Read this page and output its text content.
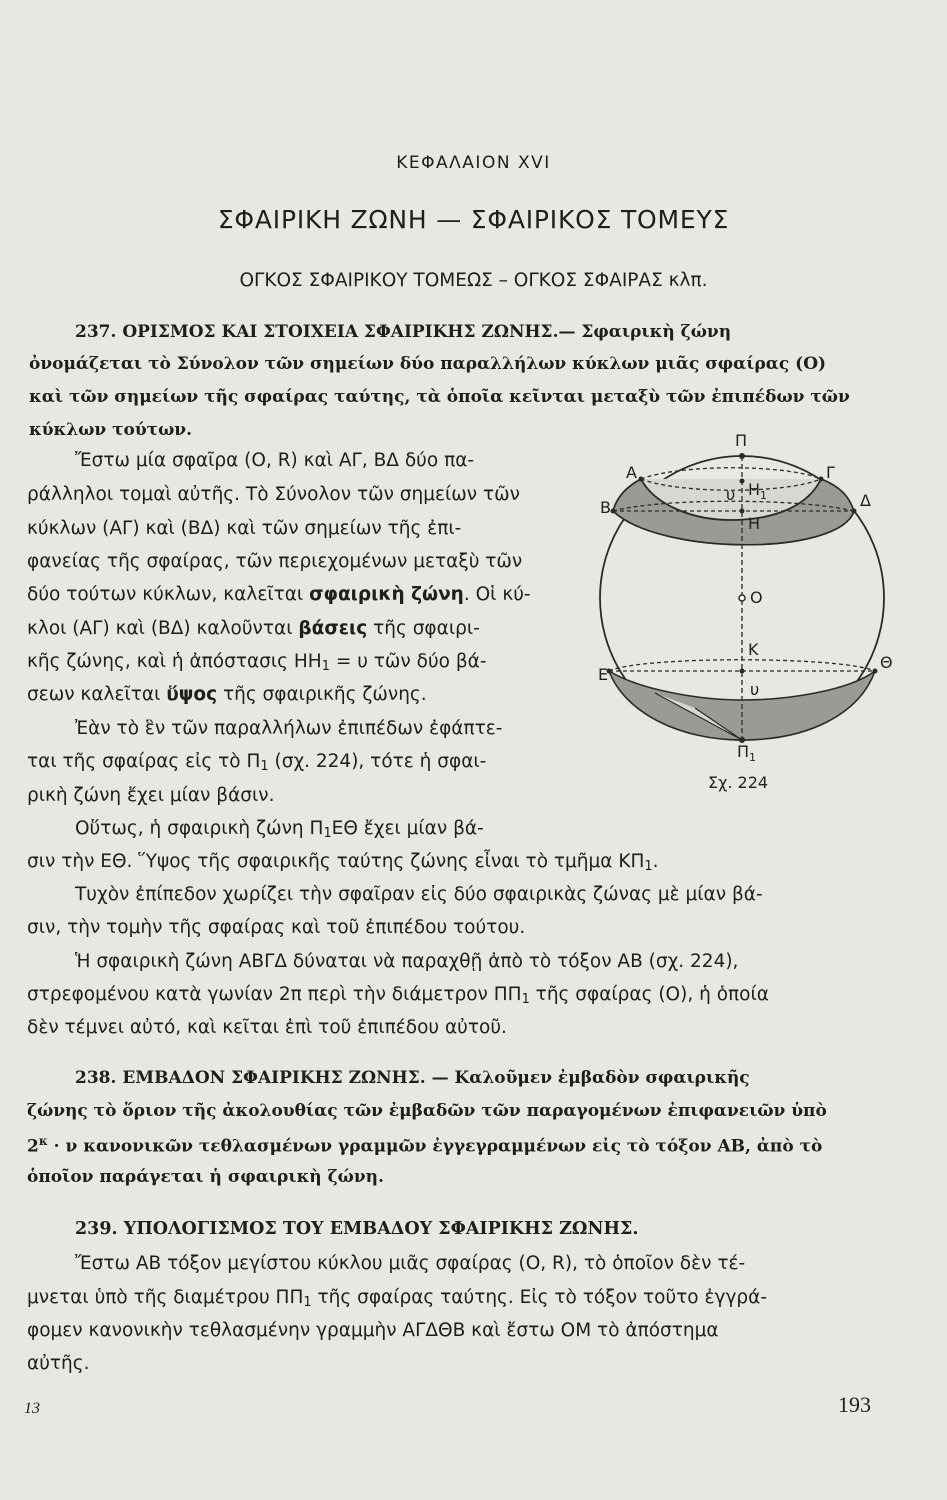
ΚΕΦΑΛΑΙΟΝ XVI
ΣΦΑΙΡΙΚΗ ΖΩΝΗ — ΣΦΑΙΡΙΚΟΣ ΤΟΜΕΥΣ
ΟΓΚΟΣ ΣΦΑΙΡΙΚΟΥ ΤΟΜΕΩΣ – ΟΓΚΟΣ ΣΦΑΙΡΑΣ κλπ.
237. ΟΡΙΣΜΟΣ ΚΑΙ ΣΤΟΙΧΕΙΑ ΣΦΑΙΡΙΚΗΣ ΖΩΝΗΣ.— Σφαιρικὴ ζώνη
ὀνομάζεται τὸ Σύνολον τῶν σημείων δύο παραλλήλων κύκλων μιᾶς σφαίρας (Ο)
καὶ τῶν σημείων τῆς σφαίρας ταύτης, τὰ ὁποῖα κεῖνται μεταξὺ τῶν ἐπιπέδων τῶν
κύκλων τούτων.
Ἔστω μία σφαῖρα (O, R) καὶ ΑΓ, ΒΔ δύο πα-
ράλληλοι τομαὶ αὐτῆς. Τὸ Σύνολον τῶν σημείων τῶν
κύκλων (ΑΓ) καὶ (ΒΔ) καὶ τῶν σημείων τῆς ἐπι-
φανείας τῆς σφαίρας, τῶν περιεχομένων μεταξὺ τῶν
δύο τούτων κύκλων, καλεῖται σφαιρικὴ ζώνη. Οἱ κύ-
κλοι (ΑΓ) καὶ (ΒΔ) καλοῦνται βάσεις τῆς σφαιρι-
κῆς ζώνης, καὶ ἡ ἀπόστασις $HH_1 = \upsilon$ τῶν δύο βά-
σεων καλεῖται ὕψος τῆς σφαιρικῆς ζώνης.
Ἐὰν τὸ ἓν τῶν παραλλήλων ἐπιπέδων ἐφάπτε-
ται τῆς σφαίρας εἰς τὸ $\Pi_1$ (σχ. 224), τότε ἡ σφαι-
ρικὴ ζώνη ἔχει μίαν βάσιν.
Οὕτως, ἡ σφαιρικὴ ζώνη $\Pi_1E\Theta$ ἔχει μίαν βά-
σιν τὴν ΕΘ. Ὕψος τῆς σφαιρικῆς ταύτης ζώνης εἶναι τὸ τμῆμα $K\Pi_1$.
Τυχὸν ἐπίπεδον χωρίζει τὴν σφαῖραν εἰς δύο σφαιρικὰς ζώνας μὲ μίαν βά-
σιν, τὴν τομὴν τῆς σφαίρας καὶ τοῦ ἐπιπέδου τούτου.
Ἡ σφαιρικὴ ζώνη ΑΒΓΔ δύναται νὰ παραχθῇ ἀπὸ τὸ τόξον ΑΒ (σχ. 224),
στρεφομένου κατὰ γωνίαν 2π περὶ τὴν διάμετρον $\Pi\Pi_1$ τῆς σφαίρας (Ο), ἡ ὁποία
δὲν τέμνει αὐτό, καὶ κεῖται ἐπὶ τοῦ ἐπιπέδου αὐτοῦ.
238. ΕΜΒΑΔΟΝ ΣΦΑΙΡΙΚΗΣ ΖΩΝΗΣ. — Καλοῦμεν ἐμβαδὸν σφαιρικῆς
ζώνης τὸ ὅριον τῆς ἀκολουθίας τῶν ἐμβαδῶν τῶν παραγομένων ἐπιφανειῶν ὑπὸ
$2^\kappa \cdot \nu$ κανονικῶν τεθλασμένων γραμμῶν ἐγγεγραμμένων εἰς τὸ τόξον ΑΒ, ἀπὸ τὸ
ὁποῖον παράγεται ἡ σφαιρικὴ ζώνη.
239. ΥΠΟΛΟΓΙΣΜΟΣ ΤΟΥ ΕΜΒΑΔΟΥ ΣΦΑΙΡΙΚΗΣ ΖΩΝΗΣ.
Ἔστω ΑΒ τόξον μεγίστου κύκλου μιᾶς σφαίρας (O, R), τὸ ὁποῖον δὲν τέ-
μνεται ὑπὸ τῆς διαμέτρου $\Pi\Pi_1$ τῆς σφαίρας ταύτης. Εἰς τὸ τόξον τοῦτο ἐγγρά-
φομεν κανονικὴν τεθλασμένην γραμμὴν ΑΓΔΘΒ καὶ ἔστω ΟΜ τὸ ἀπόστημα
αὐτῆς.
13	193
Π
Α	Γ
Β	Δ
υ $H_1$
Η
Ο
Κ
Ε
Θ
υ
$\Pi_1$
Σχ. 224
